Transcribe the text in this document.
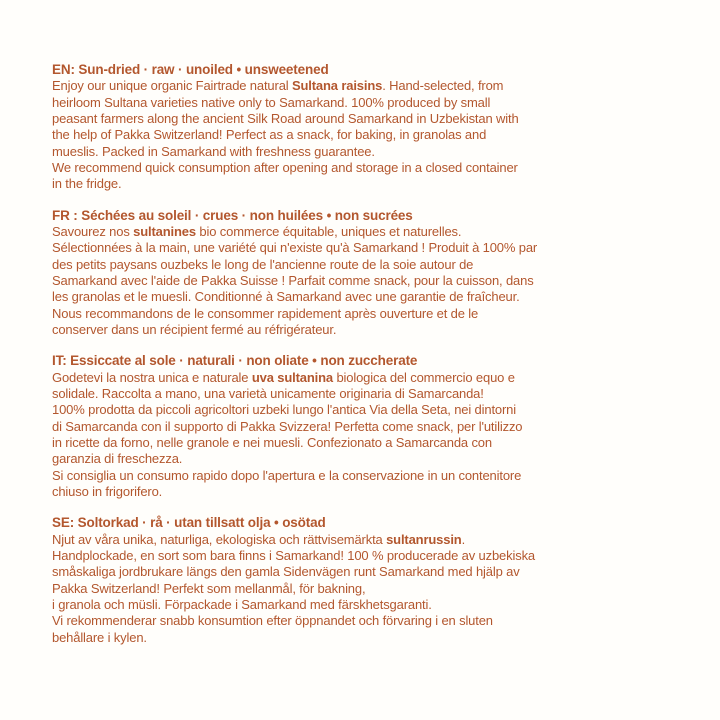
EN: Sun-dried · raw · unoiled • unsweetened

Enjoy our unique organic Fairtrade natural Sultana raisins. Hand-selected, from

heirloom Sultana varieties native only to Samarkand. 100% produced by small

peasant farmers along the ancient Silk Road around Samarkand in Uzbekistan with

the help of Pakka Switzerland! Perfect as a snack, for baking, in granolas and

mueslis. Packed in Samarkand with freshness guarantee.

We recommend quick consumption after opening and storage in a closed container

in the fridge.

FR : Séchées au soleil · crues · non huilées • non sucrées

Savourez nos sultanines bio commerce équitable, uniques et naturelles.

Sélectionnées à la main, une variété qui n'existe qu'à Samarkand ! Produit à 100% par

des petits paysans ouzbeks le long de l'ancienne route de la soie autour de

Samarkand avec l'aide de Pakka Suisse ! Parfait comme snack, pour la cuisson, dans

les granolas et le muesli. Conditionné à Samarkand avec une garantie de fraîcheur.

Nous recommandons de le consommer rapidement après ouverture et de le

conserver dans un récipient fermé au réfrigérateur.

IT: Essiccate al sole · naturali · non oliate • non zuccherate

Godetevi la nostra unica e naturale uva sultanina biologica del commercio equo e

solidale. Raccolta a mano, una varietà unicamente originaria di Samarcanda!

100% prodotta da piccoli agricoltori uzbeki lungo l'antica Via della Seta, nei dintorni

di Samarcanda con il supporto di Pakka Svizzera! Perfetta come snack, per l'utilizzo

in ricette da forno, nelle granole e nei muesli. Confezionato a Samarcanda con

garanzia di freschezza.

Si consiglia un consumo rapido dopo l'apertura e la conservazione in un contenitore

chiuso in frigorifero.

SE: Soltorkad · rå · utan tillsatt olja • osötad

Njut av våra unika, naturliga, ekologiska och rättvisemärkta sultanrussin.

Handplockade, en sort som bara finns i Samarkand! 100 % producerade av uzbekiska

småskaliga jordbrukare längs den gamla Sidenvägen runt Samarkand med hjälp av

Pakka Switzerland! Perfekt som mellanmål, för bakning,

i granola och müsli. Förpackade i Samarkand med färskhetsgaranti.

Vi rekommenderar snabb konsumtion efter öppnandet och förvaring i en sluten

behållare i kylen.
